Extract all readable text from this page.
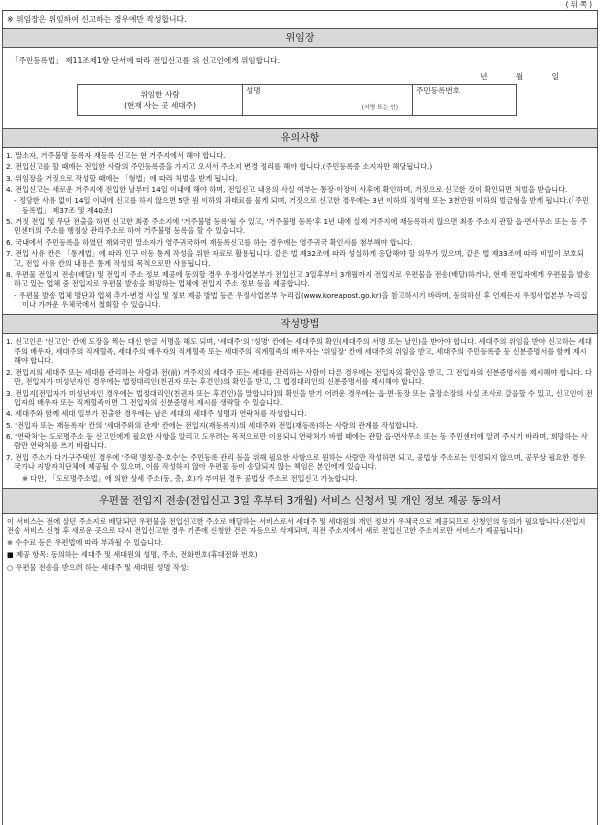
(뒤쪽)
※ 위임장은 위임하여 신고하는 경우에만 작성합니다.
위임장
「주민등록법」 제11조제1항 단서에 따라 전입신고를 위 신고인에게 위임합니다.
년 월 일
위임한 사람
(현재 사는 곳 세대주)
	성명
(서명 또는 인)
	주민등록번호
유의사항
1. 말소자, 거주불명 등록자 재등록 신고는 현 거주지에서 해야 합니다.
2. 전입신고를 할 때에는 전입한 사람의 주민등록증을 가지고 오셔서 주소지 변경 정리를 해야 합니다.(주민등록증 소지자만 해당됩니다.)
3. 위임장을 거짓으로 작성할 때에는 「형법」에 따라 처벌을 받게 됩니다.
4. 전입신고는 새로운 거주지에 전입한 날부터 14일 이내에 해야 하며, 전입신고 내용의 사실 여부는 통장·이장이 사후에 확인하며, 거짓으로 신고한 것이 확인되면 처벌을 받습니다.
- 정당한 사유 없이 14일 이내에 신고를 하지 않으면 5만 원 이하의 과태료를 물게 되며, 거짓으로 신고한 경우에는 3년 이하의 징역형 또는 3천만원 이하의 벌금형을 받게 됩니다.(「주민등록법」 제37조 및 제40조)
5. 거짓 전입 및 무단 전출을 하면 신고한 최종 주소지에 '거주불명 등록'될 수 있고, '거주불명 등록'후 1년 내에 실제 거주지에 재등록하지 않으면 최종 주소지 관할 읍·면사무소 또는 동 주민센터의 주소를 행정상 관리주소로 하여 거주불명 등록을 할 수 있습니다.
6. 국내에서 주민등록을 하였던 재외국민 말소자가 영주귀국하여 재등록신고를 하는 경우에는 영주귀국 확인서를 첨부해야 합니다.
7. 전입 사유 칸은 「통계법」에 따라 인구 이동 통계 작성을 위한 자료로 활용됩니다. 같은 법 제32조에 따라 성실하게 응답해야 할 의무가 있으며, 같은 법 제33조에 따라 비밀이 보호되고, 전입 사유 칸의 내용은 통계 작성의 목적으로만 사용됩니다.
8. 우편물 전입지 전송(배달) 및 전입지 주소 정보 제공에 동의할 경우 우정사업본부가 전입신고 3일후부터 3개월까지 전입지로 우편물을 전송(배달)하거나, 현재 전입자에게 우편물을 발송하고 있는 업체 중 전입지로 우편물 발송을 희망하는 업체에 전입지 주소 정보 등을 제공합니다.
- 우편물 발송 업체 명단과 업체 추가·변경 사실 및 정보 제공 방법 등은 우정사업본부 누리집(www.koreapost.go.kr)을 참고하시기 바라며, 동의하신 후 언제든지 우정사업본부 누리집이나 가까운 우체국에서 철회할 수 있습니다.
작성방법
1. 신고인은 '신고인' 칸에 도장을 찍는 대신 한글 서명을 해도 되며, '세대주'의 '성명' 칸에는 세대주의 확인(세대주의 서명 또는 날인)을 받아야 합니다. 세대주의 위임을 받아 신고하는 세대주의 배우자, 세대주의 직계혈족, 세대주의 배우자의 직계혈족 또는 세대주의 직계혈족의 배우자는 '위임장' 칸에 세대주의 위임을 받고, 세대주의 주민등록증 등 신분증명서를 함께 제시해야 합니다.
2. 전입지의 세대주 또는 세대를 관리하는 사람과 전(前) 거주지의 세대주 또는 세대를 관리하는 사람이 다른 경우에는 전입자의 확인을 받고, 그 전입자의 신분증명서를 제시해야 합니다. 다만, 전입자가 미성년자인 경우에는 법정대리인(친권자 또는 후견인)의 확인을 받고, 그 법정대리인의 신분증명서를 제시해야 합니다.
3. 전입지[전입자가 미성년자인 경우에는 법정대리인(친권자 또는 후견인)을 말합니다]의 확인을 받기 어려운 경우에는 읍·면·동장 또는 출장소장의 사실 조사로 갈음할 수 있고, 신고인이 전입자의 배우자 또는 직계혈족이면 그 전입자의 신분증명서 제시를 생략할 수 있습니다.
4. 세대주와 함께 세대 일부가 전출한 경우에는 남은 세대의 세대주 성명과 연락처를 작성합니다.
5. '전입자 또는 재등록자' 칸의 '세대주와의 관계' 칸에는 전입지(재등록지)의 세대주와 전입(재등록)하는 사람의 관계를 작성합니다.
6. '연락처'는 도로명주소 등 신고인에게 필요한 사항을 알리고 도우려는 목적으로만 이용되니 연락처가 바뀔 때에는 관할 읍·면사무소 또는 동 주민센터에 알려 주시기 바라며, 희망하는 사람만 연락처를 쓰기 바랍니다.
7. 전입 주소가 다가구주택인 경우에 '주택 명칭·층·호수'는 주민등록 관리 등을 위해 필요한 사항으로 원하는 사람만 작성하면 되고, 공법상 주소로는 인정되지 않으며, 공무상 필요한 경우 국가나 지방자치단체에 제공될 수 있으며, 이를 작성하지 않아 우편물 등이 송달되지 않는 책임은 본인에게 있습니다.
※ 다만, 「도로명주소법」에 의한 상세 주소(동, 층, 호)가 부여된 경우 공법상 주소로 전입신고 가능합니다.
우편물 전입지 전송(전입신고 3일 후부터 3개월) 서비스 신청서 및 개인 정보 제공 동의서

이 서비스는 전에 살던 주소지로 배달되던 우편물을 전입신고한 주소로 배달하는 서비스로서 세대주 및 세대원의 개인 정보가 우체국으로 제공되므로 신청인의 동의가 필요합니다.(전입지 전송 서비스 신청 후 새로운 곳으로 다시 전입신고한 경우 기존에 신청한 건은 자동으로 삭제되며, 직전 주소지에서 새로 전입신고한 주소지로만 서비스가 제공됩니다)

※ 수수료 등은 우편법에 따라 부과될 수 있습니다.

■ 제공 항목: 동의하는 세대주 및 세대원의 성명, 주소, 전화번호(휴대전화 번호)

○ 우편물 전송을 받으려 하는 세대주 및 세대원 성명 작성:
